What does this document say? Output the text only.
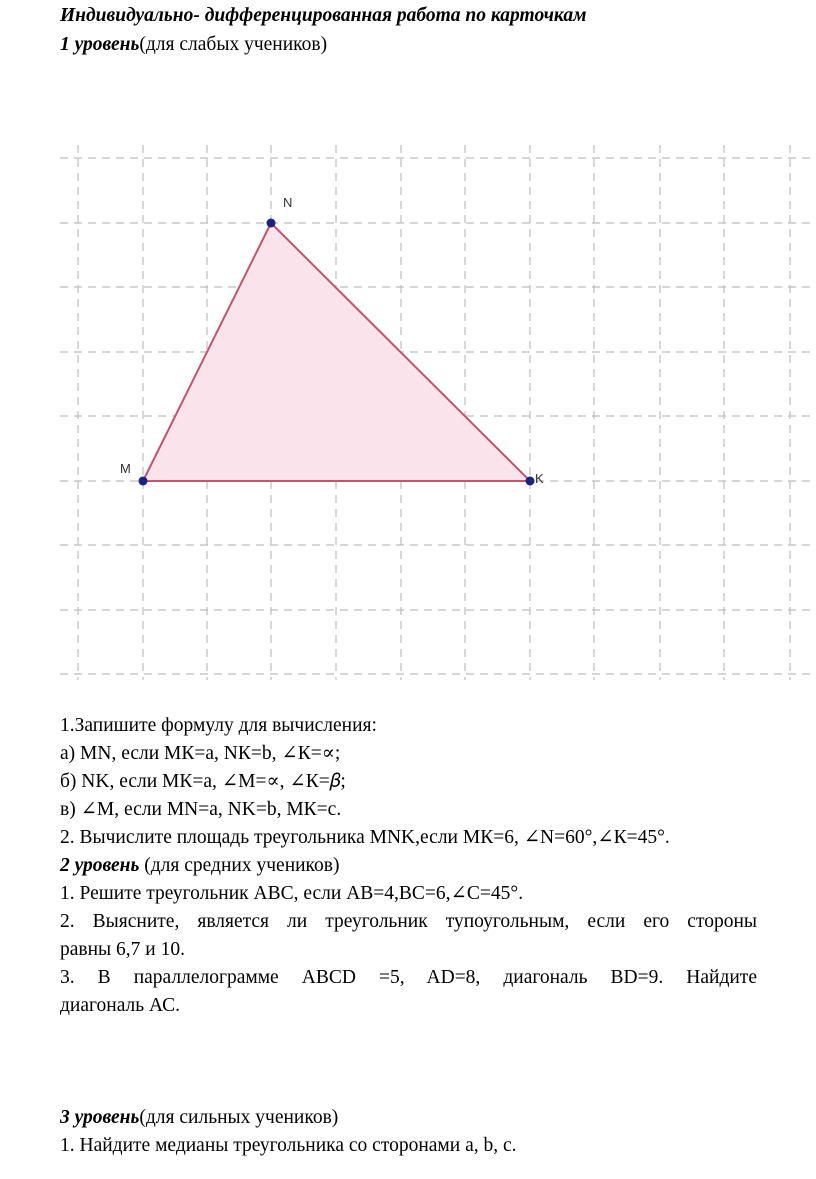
Индивидуально- дифференцированная работа по карточкам
1 уровень(для слабых учеников)
M
N
K
1.Запишите формулу для вычисления:
а) MN, если MК=а, NК=b, ∠К=∝;
б) NK, если MК=а, ∠M=∝, ∠К=𝛽;
в) ∠M, если MN=а, NK=b, MК=c.
2. Вычислите площадь треугольника MNK,если MК=6, ∠N=60°,∠К=45°.
2 уровень (для средних учеников)
1. Решите треугольник АВС, если АВ=4,ВС=6,∠С=45°.
2. Выясните, является ли треугольник тупоугольным, если его стороны
равны 6,7 и 10.
3. В параллелограмме АВСD =5, AD=8, диагональ BD=9. Найдите
диагональ АС.
3 уровень(для сильных учеников)
1. Найдите медианы треугольника со сторонами а, b, c.
